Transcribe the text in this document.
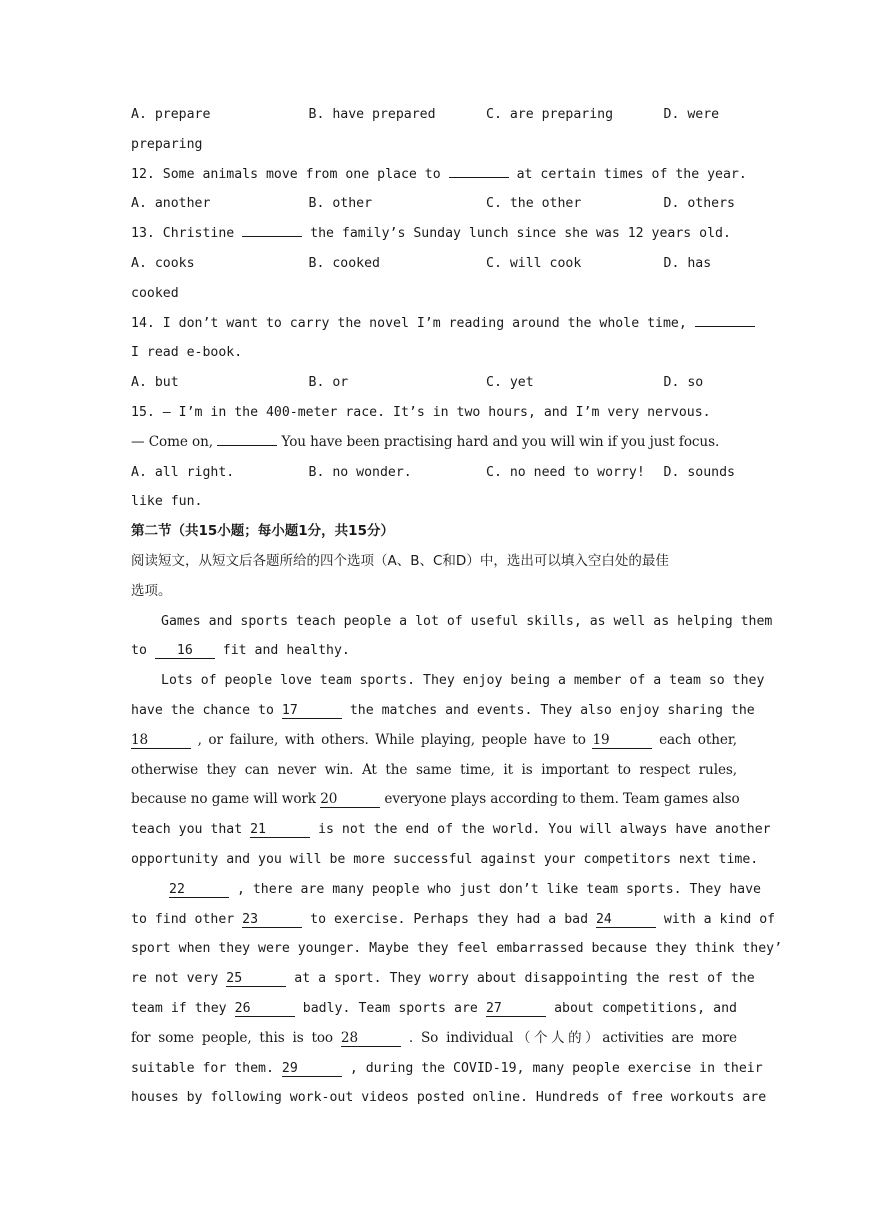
A. prepare	B. have prepared	C. are preparing	D. were
preparing
12. Some animals move from one place to	at certain times of the year.
A. another	B. other	C. the other	D. others
13. Christine	the family’s Sunday lunch since she was 12 years old.
A. cooks	B. cooked	C. will cook	D. has
cooked
14. I don’t want to carry the novel I’m reading around the whole time,
I read e-book.
A. but	B. or	C. yet	D. so
15. — I’m in the 400-meter race. It’s in two hours, and I’m very nervous.
— Come on,	You have been practising hard and you will win if you just focus.
A. all right.	B. no wonder.	C. no need to worry!	D. sounds
like fun.
第二节（共15小题；每小题1分，共15分）
阅读短文，从短文后各题所给的四个选项（A、B、C和D）中，选出可以填入空白处的最佳
选项。
Games and sports teach people a lot of useful skills, as well as helping them
to 16 fit and healthy.
Lots of people love team sports. They enjoy being a member of a team so they
have the chance to 17	the matches and events. They also enjoy sharing the
18	, or failure, with others. While playing, people have to 19	each other,
otherwise they can never win. At the same time, it is important to respect rules,
because no game will work 20	everyone plays according to them. Team games also
teach you that 21	is not the end of the world. You will always have another
opportunity and you will be more successful against your competitors next time.
22	, there are many people who just don’t like team sports. They have
to find other 23	to exercise. Perhaps they had a bad 24	with a kind of
sport when they were younger. Maybe they feel embarrassed because they think they’
re not very 25	at a sport. They worry about disappointing the rest of the
team if they 26	badly. Team sports are 27	about competitions, and
for some people, this is too 28	. So individual（个人的）activities are more
suitable for them. 29	, during the COVID-19, many people exercise in their
houses by following work-out videos posted online. Hundreds of free workouts are
